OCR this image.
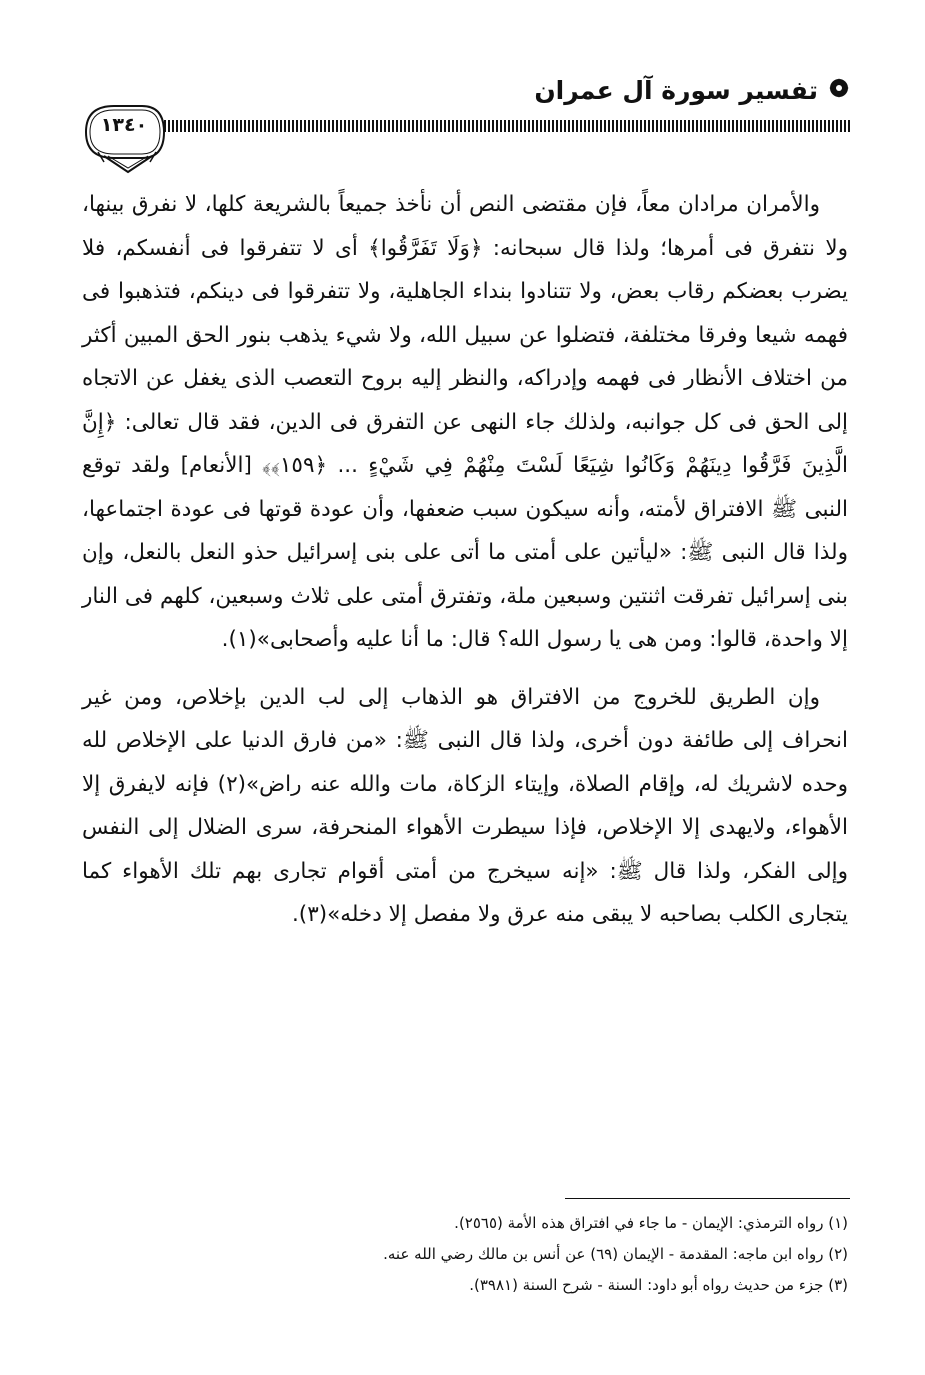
تفسير سورة آل عمران
١٣٤٠

والأمران مرادان معاً، فإن مقتضى النص أن نأخذ جميعاً بالشريعة كلها، لا نفرق بينها، ولا نتفرق فى أمرها؛ ولذا قال سبحانه: ﴿وَلَا تَفَرَّقُوا﴾ أى لا تتفرقوا فى أنفسكم، فلا يضرب بعضكم رقاب بعض، ولا تتنادوا بنداء الجاهلية، ولا تتفرقوا فى دينكم، فتذهبوا فى فهمه شيعا وفرقا مختلفة، فتضلوا عن سبيل الله، ولا شيء يذهب بنور الحق المبين أكثر من اختلاف الأنظار فى فهمه وإدراكه، والنظر إليه بروح التعصب الذى يغفل عن الاتجاه إلى الحق فى كل جوانبه، ولذلك جاء النهى عن التفرق فى الدين، فقد قال تعالى: ﴿إِنَّ الَّذِينَ فَرَّقُوا دِينَهُمْ وَكَانُوا شِيَعًا لَسْتَ مِنْهُمْ فِي شَيْءٍ ... ﴿١٥٩﴾﴾ [الأنعام] ولقد توقع النبى ﷺ الافتراق لأمته، وأنه سيكون سبب ضعفها، وأن عودة قوتها فى عودة اجتماعها، ولذا قال النبى ﷺ: «ليأتين على أمتى ما أتى على بنى إسرائيل حذو النعل بالنعل، وإن بنى إسرائيل تفرقت اثنتين وسبعين ملة، وتفترق أمتى على ثلاث وسبعين، كلهم فى النار إلا واحدة، قالوا: ومن هى يا رسول الله؟ قال: ما أنا عليه وأصحابى»(١).

وإن الطريق للخروج من الافتراق هو الذهاب إلى لب الدين بإخلاص، ومن غير انحراف إلى طائفة دون أخرى، ولذا قال النبى ﷺ: «من فارق الدنيا على الإخلاص لله وحده لاشريك له، وإقام الصلاة، وإيتاء الزكاة، مات والله عنه راض»(٢) فإنه لايفرق إلا الأهواء، ولايهدى إلا الإخلاص، فإذا سيطرت الأهواء المنحرفة، سرى الضلال إلى النفس وإلى الفكر، ولذا قال ﷺ: «إنه سيخرج من أمتى أقوام تجارى بهم تلك الأهواء كما يتجارى الكلب بصاحبه لا يبقى منه عرق ولا مفصل إلا دخله»(٣).

(١) رواه الترمذي: الإيمان - ما جاء في افتراق هذه الأمة (٢٥٦٥).

(٢) رواه ابن ماجه: المقدمة - الإيمان (٦٩) عن أنس بن مالك رضي الله عنه.

(٣) جزء من حديث رواه أبو داود: السنة - شرح السنة (٣٩٨١).
